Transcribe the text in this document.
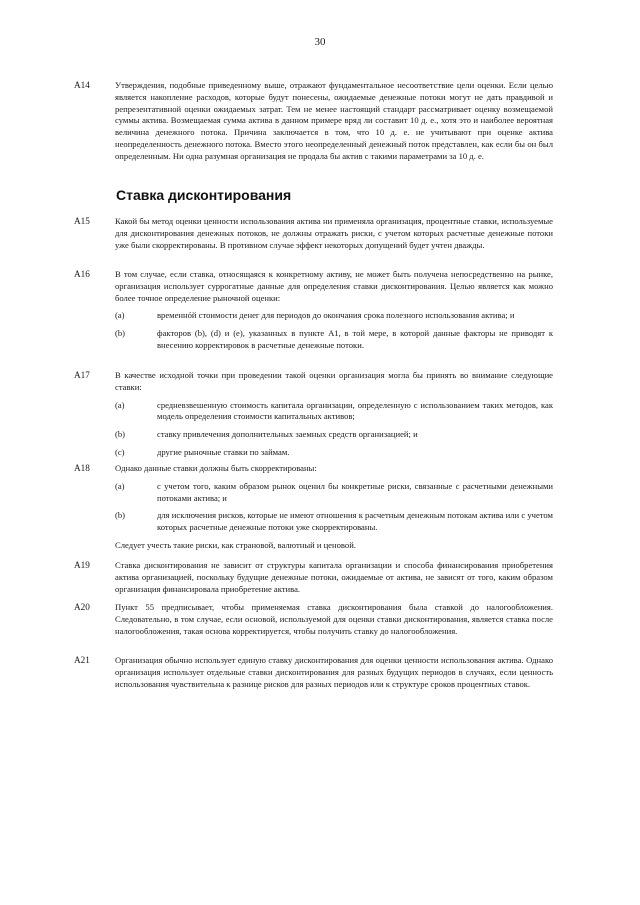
30
A14	Утверждения, подобные приведенному выше, отражают фундаментальное несоответствие цели оценки. Если целью является накопление расходов, которые будут понесены, ожидаемые денежные потоки могут не дать правдивой и репрезентативной оценки ожидаемых затрат. Тем не менее настоящий стандарт рассматривает оценку возмещаемой суммы актива. Возмещаемая сумма актива в данном примере вряд ли составит 10 д. е., хотя это и наиболее вероятная величина денежного потока. Причина заключается в том, что 10 д. е. не учитывают при оценке актива неопределенность денежного потока. Вместо этого неопределенный денежный поток представлен, как если бы он был определенным. Ни одна разумная организация не продала бы актив с такими параметрами за 10 д. е.

Ставка дисконтирования
A15	Какой бы метод оценки ценности использования актива ни применяла организация, процентные ставки, используемые для дисконтирования денежных потоков, не должны отражать риски, с учетом которых расчетные денежные потоки уже были скорректированы. В противном случае эффект некоторых допущений будет учтен дважды.

A16	В том случае, если ставка, относящаяся к конкретному активу, не может быть получена непосредственно на рынке, организация использует суррогатные данные для определения ставки дисконтирования. Целью является как можно более точное определение рыночной оценки:

(a)	временнóй стоимости денег для периодов до окончания срока полезного использования актива; и

(b)	факторов (b), (d) и (e), указанных в пункте A1, в той мере, в которой данные факторы не приводят к внесению корректировок в расчетные денежные потоки.

A17	В качестве исходной точки при проведении такой оценки организация могла бы принять во внимание следующие ставки:

(a)	средневзвешенную стоимость капитала организации, определенную с использованием таких методов, как модель определения стоимости капитальных активов;

(b)	ставку привлечения дополнительных заемных средств организацией; и

(c)	другие рыночные ставки по займам.

A18	Однако данные ставки должны быть скорректированы:

(a)	с учетом того, каким образом рынок оценил бы конкретные риски, связанные с расчетными денежными потоками актива; и

(b)	для исключения рисков, которые не имеют отношения к расчетным денежным потокам актива или с учетом которых расчетные денежные потоки уже скорректированы.

Следует учесть такие риски, как страновой, валютный и ценовой.

A19	Ставка дисконтирования не зависит от структуры капитала организации и способа финансирования приобретения актива организацией, поскольку будущие денежные потоки, ожидаемые от актива, не зависят от того, каким образом организация финансировала приобретение актива.

A20	Пункт 55 предписывает, чтобы применяемая ставка дисконтирования была ставкой до налогообложения. Следовательно, в том случае, если основой, используемой для оценки ставки дисконтирования, является ставка после налогообложения, такая основа корректируется, чтобы получить ставку до налогообложения.

A21	Организация обычно использует единую ставку дисконтирования для оценки ценности использования актива. Однако организация использует отдельные ставки дисконтирования для разных будущих периодов в случаях, если ценность использования чувствительна к разнице рисков для разных периодов или к структуре сроков процентных ставок.
